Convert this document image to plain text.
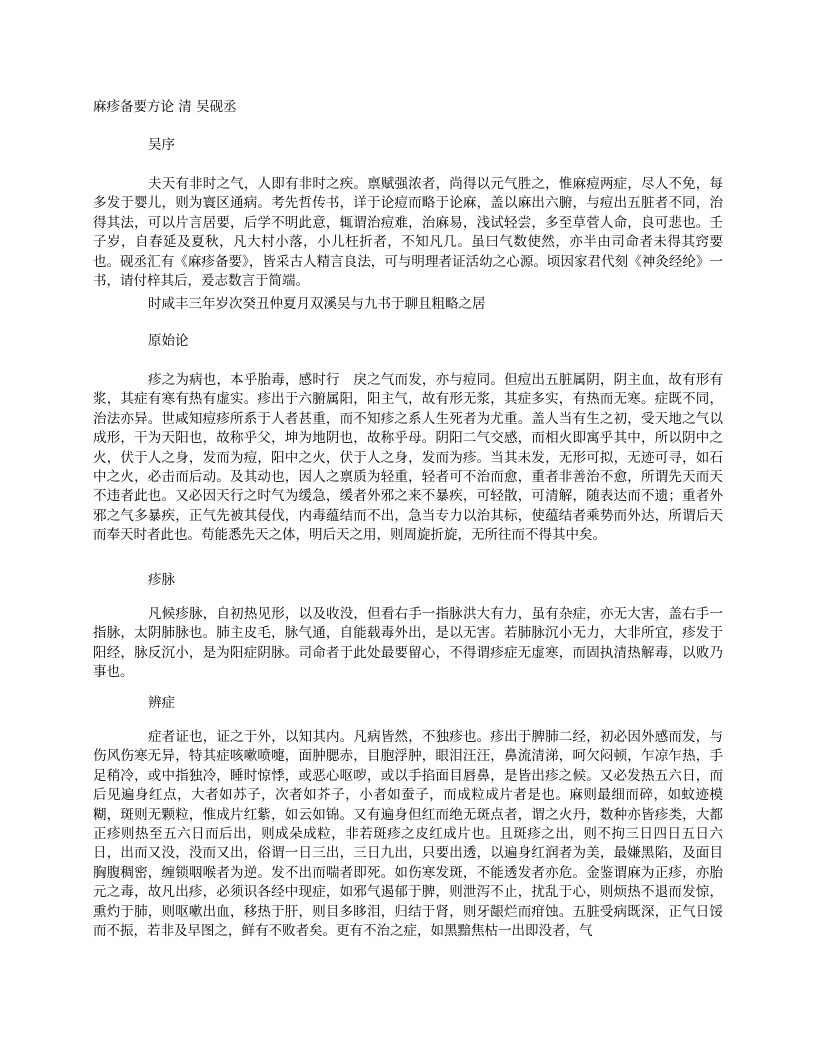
麻疹备要方论 清 吴砚丞
吴序

夫天有非时之气，人即有非时之疾。禀赋强浓者，尚得以元气胜之，惟麻痘两症，尽人不免，每多发于婴儿，则为寰区通病。考先哲传书，详于论痘而略于论麻，盖以麻出六腑，与痘出五脏者不同，治得其法，可以片言居要，后学不明此意，辄谓治痘难，治麻易，浅试轻尝，多至草菅人命，良可悲也。壬子岁，自春延及夏秋，凡大村小落，小儿枉折者，不知凡几。虽曰气数使然，亦半由司命者未得其窍要也。砚丞汇有《麻疹备要》，皆采古人精言良法，可与明理者证活幼之心源。顷因家君代刻《神灸经纶》一书，请付梓其后，爰志数言于简端。

时咸丰三年岁次癸丑仲夏月双溪吴与九书于聊且粗略之居

原始论

疹之为病也，本乎胎毒，感时行　戾之气而发，亦与痘同。但痘出五脏属阴，阴主血，故有形有浆，其症有寒有热有虚实。疹出于六腑属阳，阳主气，故有形无浆，其症多实，有热而无寒。症既不同，治法亦异。世咸知痘疹所系于人者甚重，而不知疹之系人生死者为尤重。盖人当有生之初，受天地之气以成形，干为天阳也，故称乎父，坤为地阴也，故称乎母。阴阳二气交感，而相火即寓乎其中，所以阴中之火，伏于人之身，发而为痘，阳中之火，伏于人之身，发而为疹。当其未发，无形可拟，无迹可寻，如石中之火，必击而后动。及其动也，因人之禀质为轻重，轻者可不治而愈，重者非善治不愈，所谓先天而天不违者此也。又必因天行之时气为缓急，缓者外邪之来不暴疾，可轻散，可清解，随表达而不遗；重者外邪之气多暴疾，正气先被其侵伐，内毒蕴结而不出，急当专力以治其标，使蕴结者乘势而外达，所谓后天而奉天时者此也。苟能悉先天之体，明后天之用，则周旋折旋，无所往而不得其中矣。

疹脉

凡候疹脉，自初热见形，以及收没，但看右手一指脉洪大有力，虽有杂症，亦无大害，盖右手一指脉，太阴肺脉也。肺主皮毛，脉气通，自能载毒外出，是以无害。若肺脉沉小无力，大非所宜，疹发于阳经，脉反沉小，是为阳症阴脉。司命者于此处最要留心，不得谓疹症无虚寒，而固执清热解毒，以败乃事也。

辨症

症者证也，证之于外，以知其内。凡病皆然，不独疹也。疹出于脾肺二经，初必因外感而发，与伤风伤寒无异，特其症咳嗽喷嚏，面肿腮赤，目胞浮肿，眼泪汪汪，鼻流清涕，呵欠闷顿，乍凉乍热，手足稍冷，或中指独冷，睡时惊悸，或恶心呕哕，或以手掐面目唇鼻，是皆出疹之候。又必发热五六日，而后见遍身红点，大者如苏子，次者如芥子，小者如蚕子，而成粒成片者是也。麻则最细而碎，如蚊迹模糊，斑则无颗粒，惟成片红紫，如云如锦。又有遍身但红而绝无斑点者，谓之火丹，数种亦皆疹类，大都正疹则热至五六日而后出，则成朵成粒，非若斑疹之皮红成片也。且斑疹之出，则不拘三日四日五日六日，出而又没，没而又出，俗谓一日三出，三日九出，只要出透，以遍身红润者为美，最嫌黑陷，及面目胸腹稠密，缠锁咽喉者为逆。发不出而喘者即死。如伤寒发斑，不能透发者亦危。金鉴谓麻为正疹，亦胎元之毒，故凡出疹，必须识各经中现症，如邪气遏郁于脾，则泄泻不止，扰乱于心，则烦热不退而发惊，熏灼于肺，则呕嗽出血，移热于肝，则目多眵泪，归结于肾，则牙龈烂而疳蚀。五脏受病既深，正气日馁而不振，若非及早图之，鲜有不败者矣。更有不治之症，如黑黯焦枯一出即没者，气
